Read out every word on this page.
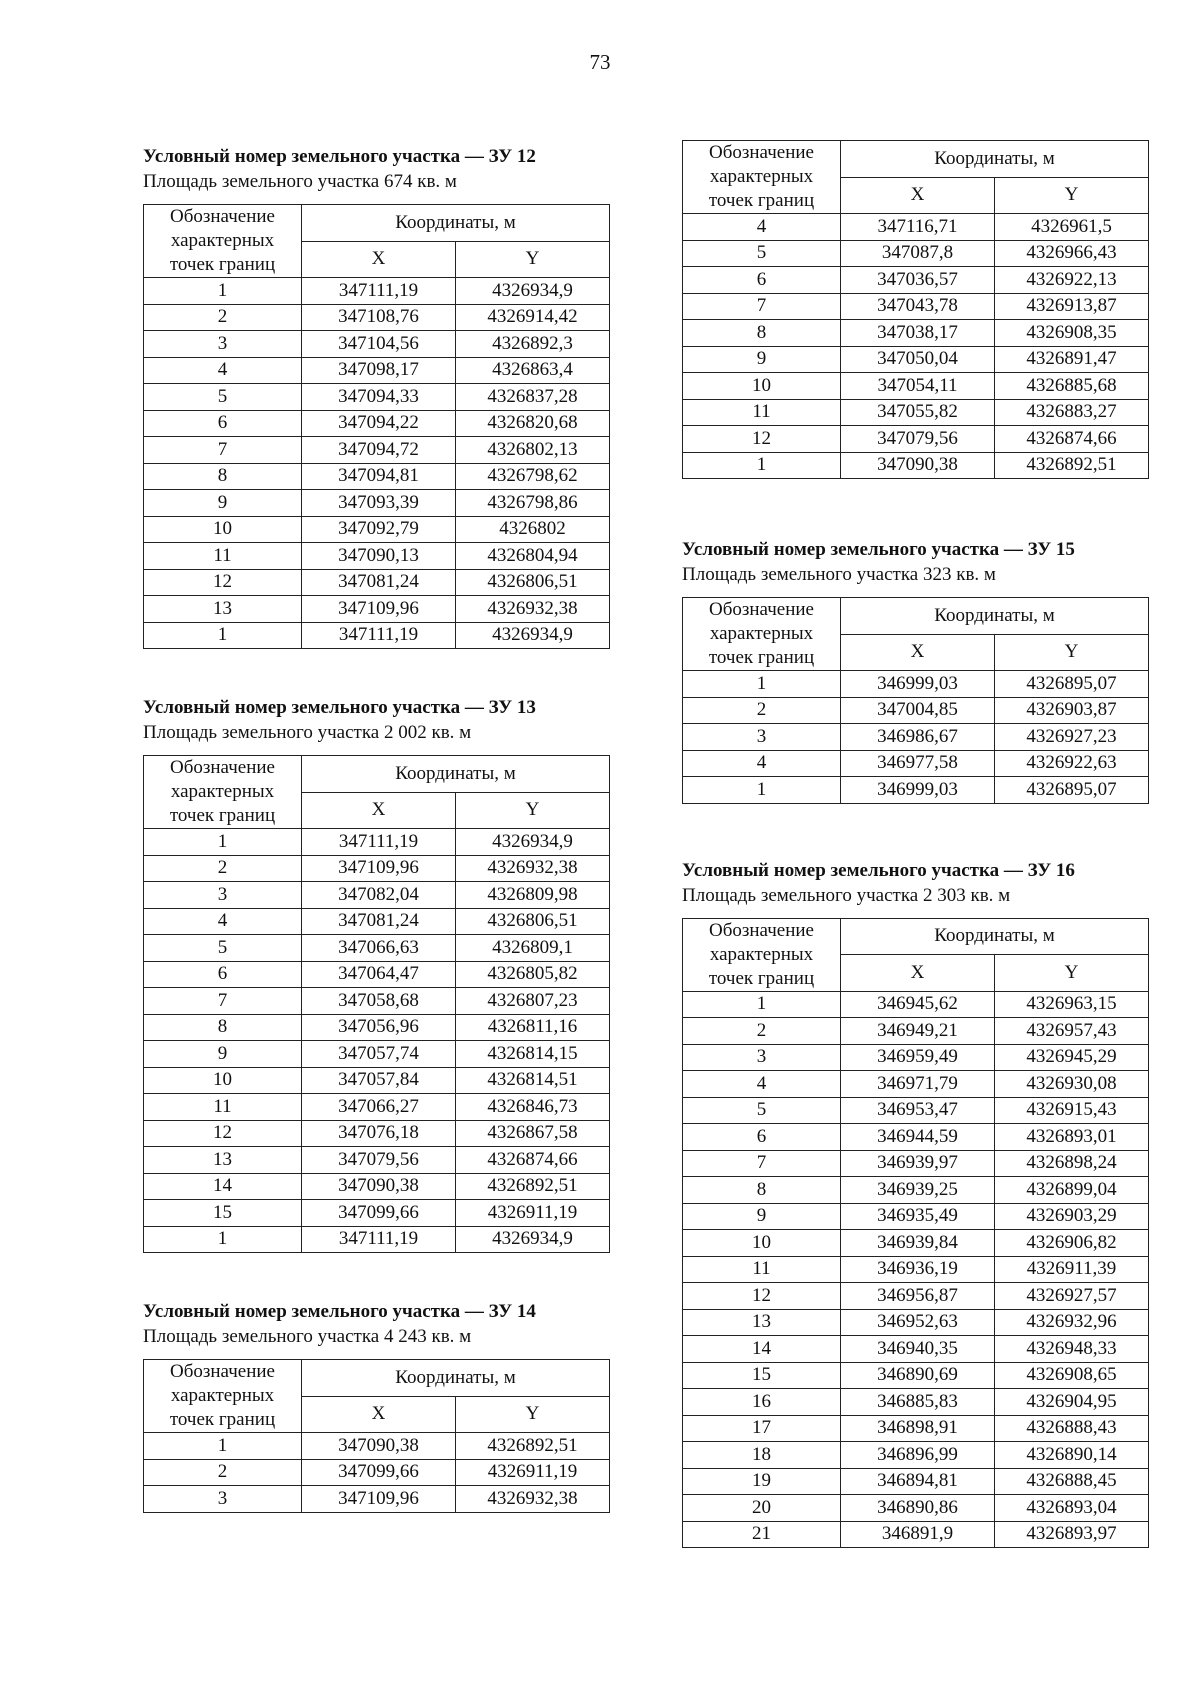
73
Условный номер земельного участка –– ЗУ 12
Площадь земельного участка 674 кв. м
Обозначение
характерных
точек границ	Координаты, м	
	X	Y
1	347111,19	4326934,9
2	347108,76	4326914,42
3	347104,56	4326892,3
4	347098,17	4326863,4
5	347094,33	4326837,28
6	347094,22	4326820,68
7	347094,72	4326802,13
8	347094,81	4326798,62
9	347093,39	4326798,86
10	347092,79	4326802
11	347090,13	4326804,94
12	347081,24	4326806,51
13	347109,96	4326932,38
1	347111,19	4326934,9
Условный номер земельного участка –– ЗУ 13
Площадь земельного участка 2 002 кв. м
Обозначение
характерных
точек границ	Координаты, м	
	X	Y
1	347111,19	4326934,9
2	347109,96	4326932,38
3	347082,04	4326809,98
4	347081,24	4326806,51
5	347066,63	4326809,1
6	347064,47	4326805,82
7	347058,68	4326807,23
8	347056,96	4326811,16
9	347057,74	4326814,15
10	347057,84	4326814,51
11	347066,27	4326846,73
12	347076,18	4326867,58
13	347079,56	4326874,66
14	347090,38	4326892,51
15	347099,66	4326911,19
1	347111,19	4326934,9
Условный номер земельного участка –– ЗУ 14
Площадь земельного участка 4 243 кв. м
Обозначение
характерных
точек границ	Координаты, м	
	X	Y
1	347090,38	4326892,51
2	347099,66	4326911,19
3	347109,96	4326932,38
Обозначение
характерных
точек границ	Координаты, м	
	X	Y
4	347116,71	4326961,5
5	347087,8	4326966,43
6	347036,57	4326922,13
7	347043,78	4326913,87
8	347038,17	4326908,35
9	347050,04	4326891,47
10	347054,11	4326885,68
11	347055,82	4326883,27
12	347079,56	4326874,66
1	347090,38	4326892,51
Условный номер земельного участка — ЗУ 15
Площадь земельного участка 323 кв. м
Обозначение
характерных
точек границ	Координаты, м	
	X	Y
1	346999,03	4326895,07
2	347004,85	4326903,87
3	346986,67	4326927,23
4	346977,58	4326922,63
1	346999,03	4326895,07
Условный номер земельного участка –– ЗУ 16
Площадь земельного участка 2 303 кв. м
Обозначение
характерных
точек границ	Координаты, м	
	X	Y
1	346945,62	4326963,15
2	346949,21	4326957,43
3	346959,49	4326945,29
4	346971,79	4326930,08
5	346953,47	4326915,43
6	346944,59	4326893,01
7	346939,97	4326898,24
8	346939,25	4326899,04
9	346935,49	4326903,29
10	346939,84	4326906,82
11	346936,19	4326911,39
12	346956,87	4326927,57
13	346952,63	4326932,96
14	346940,35	4326948,33
15	346890,69	4326908,65
16	346885,83	4326904,95
17	346898,91	4326888,43
18	346896,99	4326890,14
19	346894,81	4326888,45
20	346890,86	4326893,04
21	346891,9	4326893,97
